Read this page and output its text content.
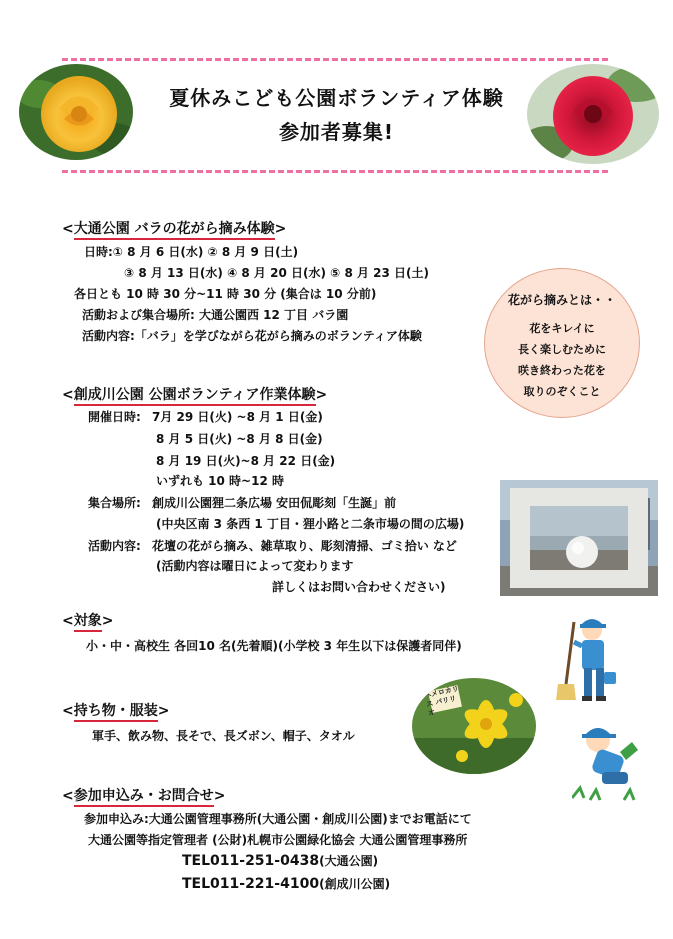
夏休みこども公園ボランティア体験
参加者募集!
<大通公園 バラの花がら摘み体験>
日時:① 8 月 6 日(水) ② 8 月 9 日(土)
③ 8 月 13 日(水) ④ 8 月 20 日(水) ⑤ 8 月 23 日(土)
各日とも 10 時 30 分~11 時 30 分 (集合は 10 分前)
活動および集合場所: 大通公園西 12 丁目 バラ園
活動内容:「バラ」を学びながら花がら摘みのボランティア体験
花がら摘みとは・・
花をキレイに
長く楽しむために
咲き終わった花を
取りのぞくこと
<創成川公園 公園ボランティア作業体験>
開催日時: 7月 29 日(火) ~8 月 1 日(金)
8 月 5 日(火) ~8 月 8 日(金)
8 月 19 日(火)~8 月 22 日(金)
いずれも 10 時~12 時
集合場所: 創成川公園狸二条広場 安田侃彫刻「生誕」前
(中央区南 3 条西 1 丁目・狸小路と二条市場の間の広場)
活動内容: 花壇の花がら摘み、雑草取り、彫刻清掃、ゴミ拾い など
(活動内容は曜日によって変わります
詳しくはお問い合わせください)
<対象>
小・中・高校生 各回10 名(先着順)(小学校 3 年生以下は保護者同伴)
<持ち物・服装>
軍手、飲み物、長そで、長ズボン、帽子、タオル
ヘメロカリス パリリオ
<参加申込み・お問合せ>
参加申込み:大通公園管理事務所(大通公園・創成川公園)までお電話にて
大通公園等指定管理者 (公財)札幌市公園緑化協会 大通公園管理事務所
TEL011-251-0438(大通公園)
TEL011-221-4100(創成川公園)
